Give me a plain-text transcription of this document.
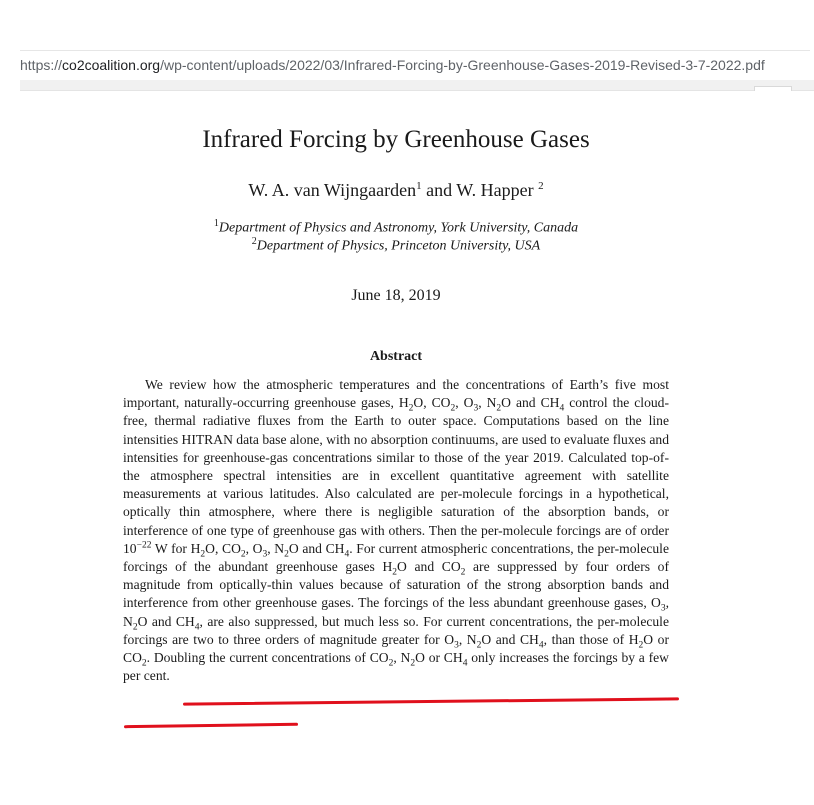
https://co2coalition.org/wp-content/uploads/2022/03/Infrared-Forcing-by-Greenhouse-Gases-2019-Revised-3-7-2022.pdf
Infrared Forcing by Greenhouse Gases
W. A. van Wijngaarden$^1$ and W. Happer $^2$
$^1$Department of Physics and Astronomy, York University, Canada
$^2$Department of Physics, Princeton University, USA
June 18, 2019
Abstract

We review how the atmospheric temperatures and the concentrations of Earth’s five most important, naturally-occurring greenhouse gases, $H_2O$, $CO_2$, $O_3$, $N_2O$ and $CH_4$ control the cloud-free, thermal radiative fluxes from the Earth to outer space. Computations based on the line intensities HITRAN data base alone, with no absorption continuums, are used to evaluate fluxes and intensities for greenhouse-gas concentrations similar to those of the year 2019. Calculated top-of-the atmosphere spectral intensities are in excellent quantitative agreement with satellite measurements at various latitudes. Also calculated are per-molecule forcings in a hypothetical, optically thin atmosphere, where there is negligible saturation of the absorption bands, or interference of one type of greenhouse gas with others. Then the per-molecule forcings are of order $10^{-22}$ W for $H_2O$, $CO_2$, $O_3$, $N_2O$ and $CH_4$. For current atmospheric concentrations, the per-molecule forcings of the abundant greenhouse gases $H_2O$ and $CO_2$ are suppressed by four orders of magnitude from optically-thin values because of saturation of the strong absorption bands and interference from other greenhouse gases. The forcings of the less abundant greenhouse gases, $O_3$, $N_2O$ and $CH_4$, are also suppressed, but much less so. For current concentrations, the per-molecule forcings are two to three orders of magnitude greater for $O_3$, $N_2O$ and $CH_4$, than those of $H_2O$ or $CO_2$. Doubling the current concentrations of $CO_2$, $N_2O$ or $CH_4$ only increases the forcings by a few per cent.
